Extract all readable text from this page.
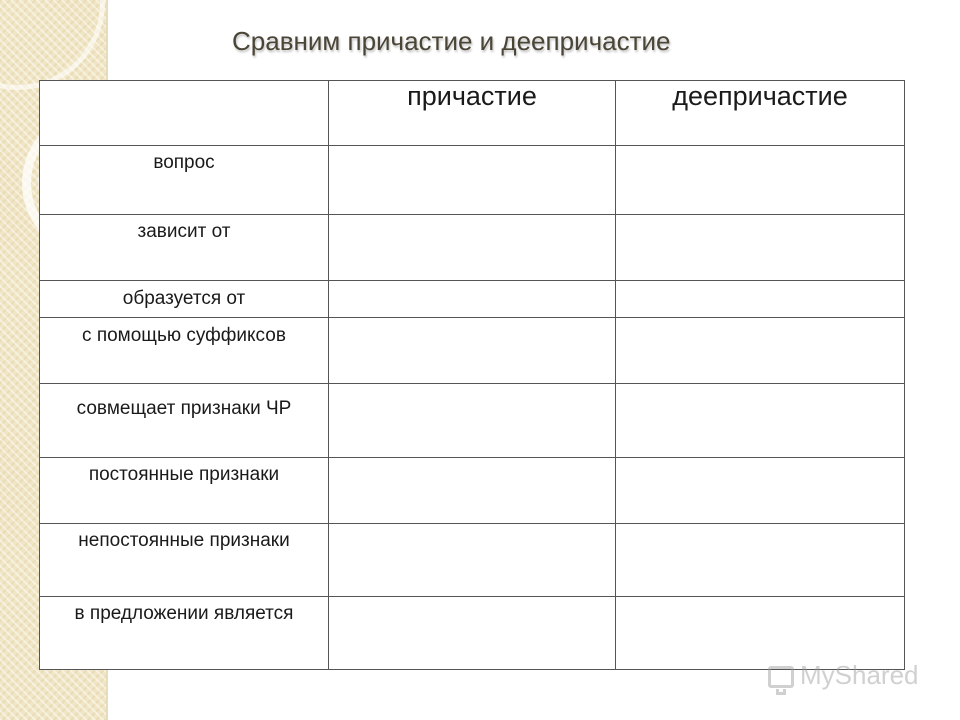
Сравним причастие и деепричастие
	причастие	деепричастие
вопрос		
зависит от		
образуется от		
с помощью суффиксов		
совмещает признаки ЧР		
постоянные признаки		
непостоянные признаки		
в предложении является		
MyShared
